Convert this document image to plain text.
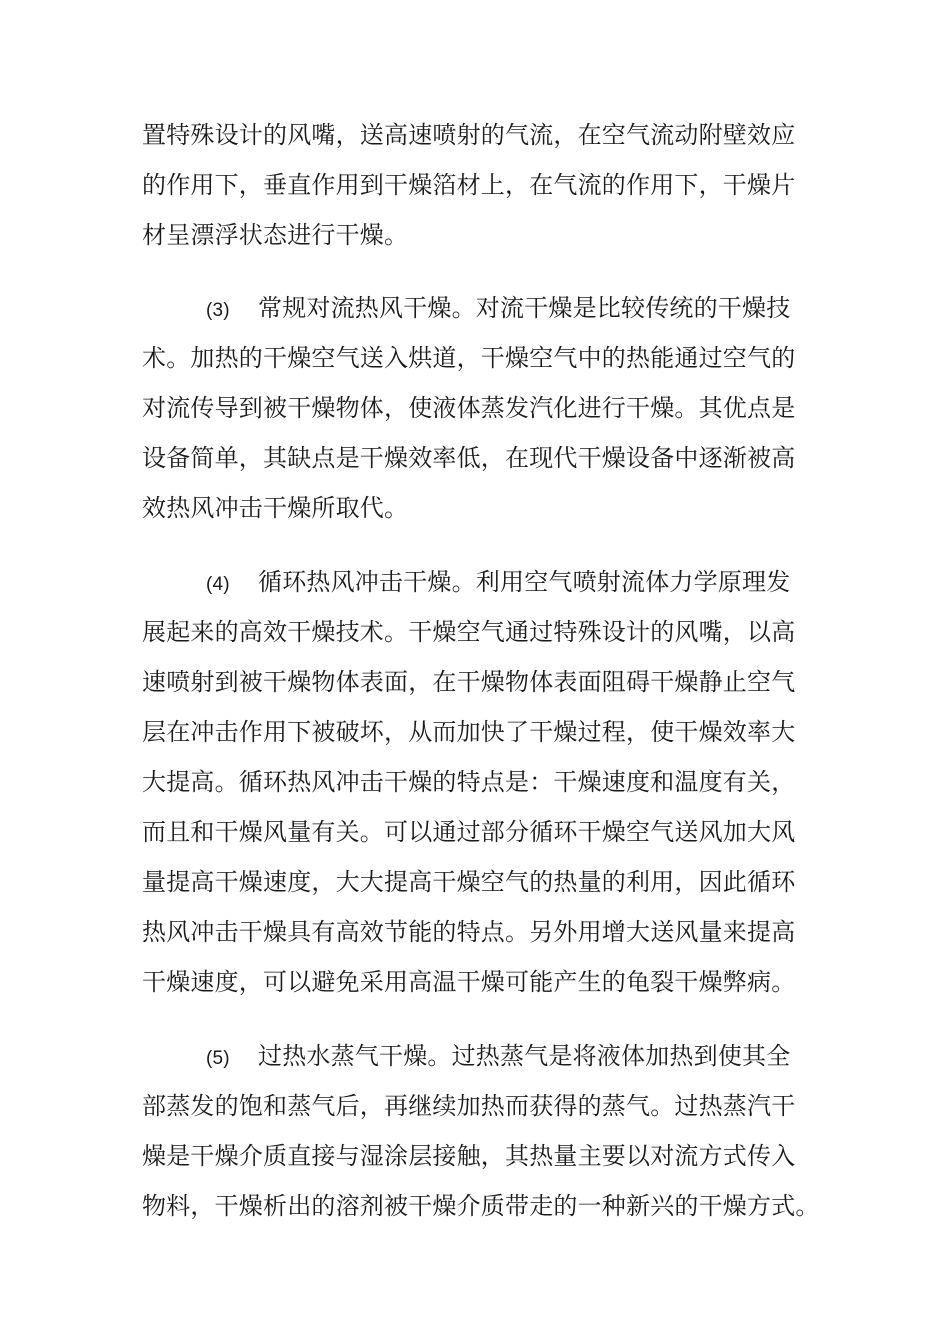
置特殊设计的风嘴，送高速喷射的气流，在空气流动附壁效应
的作用下，垂直作用到干燥箔材上，在气流的作用下，干燥片
材呈漂浮状态进行干燥。
(3) 常规对流热风干燥。对流干燥是比较传统的干燥技
术。加热的干燥空气送入烘道，干燥空气中的热能通过空气的
对流传导到被干燥物体，使液体蒸发汽化进行干燥。其优点是
设备简单，其缺点是干燥效率低，在现代干燥设备中逐渐被高
效热风冲击干燥所取代。
(4) 循环热风冲击干燥。利用空气喷射流体力学原理发
展起来的高效干燥技术。干燥空气通过特殊设计的风嘴，以高
速喷射到被干燥物体表面，在干燥物体表面阻碍干燥静止空气
层在冲击作用下被破坏，从而加快了干燥过程，使干燥效率大
大提高。循环热风冲击干燥的特点是：干燥速度和温度有关，
而且和干燥风量有关。可以通过部分循环干燥空气送风加大风
量提高干燥速度，大大提高干燥空气的热量的利用，因此循环
热风冲击干燥具有高效节能的特点。另外用增大送风量来提高
干燥速度，可以避免采用高温干燥可能产生的龟裂干燥弊病。
(5) 过热水蒸气干燥。过热蒸气是将液体加热到使其全
部蒸发的饱和蒸气后，再继续加热而获得的蒸气。过热蒸汽干
燥是干燥介质直接与湿涂层接触，其热量主要以对流方式传入
物料，干燥析出的溶剂被干燥介质带走的一种新兴的干燥方式。
